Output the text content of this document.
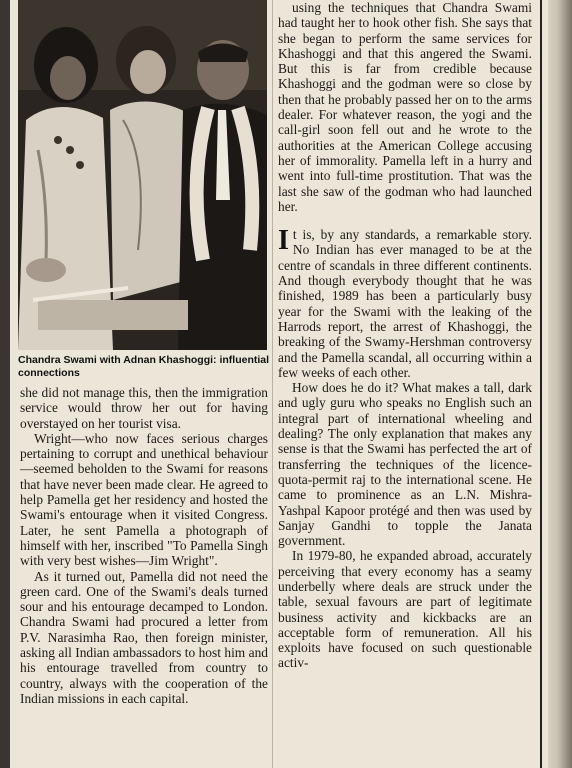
Chandra Swami with Adnan Khashoggi: influential connections

she did not manage this, then the immigration service would throw her out for having overstayed on her tourist visa.

Wright—who now faces serious charges pertaining to corrupt and unethical behaviour—seemed beholden to the Swami for reasons that have never been made clear. He agreed to help Pamella get her residency and hosted the Swami's entourage when it visited Congress. Later, he sent Pamella a photograph of himself with her, inscribed "To Pamella Singh with very best wishes—Jim Wright".

As it turned out, Pamella did not need the green card. One of the Swami's deals turned sour and his entourage decamped to London. Chandra Swami had procured a letter from P.V. Narasimha Rao, then foreign minister, asking all Indian ambassadors to host him and his entourage travelled from country to country, always with the cooperation of the Indian missions in each capital.

using the techniques that Chandra Swami had taught her to hook other fish. She says that she began to perform the same services for Khashoggi and that this angered the Swami. But this is far from credible because Khashoggi and the godman were so close by then that he probably passed her on to the arms dealer. For whatever reason, the yogi and the call-girl soon fell out and he wrote to the authorities at the American College accusing her of immorality. Pamella left in a hurry and went into full-time prostitution. That was the last she saw of the godman who had launched her.

It is, by any standards, a remarkable story. No Indian has ever managed to be at the centre of scandals in three different continents. And though everybody thought that he was finished, 1989 has been a particularly busy year for the Swami with the leaking of the Harrods report, the arrest of Khashoggi, the breaking of the Swamy-Hershman controversy and the Pamella scandal, all occurring within a few weeks of each other.

How does he do it? What makes a tall, dark and ugly guru who speaks no English such an integral part of international wheeling and dealing? The only explanation that makes any sense is that the Swami has perfected the art of transferring the techniques of the licence-quota-permit raj to the international scene. He came to prominence as an L.N. Mishra-Yashpal Kapoor protégé and then was used by Sanjay Gandhi to topple the Janata government.

In 1979-80, he expanded abroad, accurately perceiving that every economy has a seamy underbelly where deals are struck under the table, sexual favours are part of legitimate business activity and kickbacks are an acceptable form of remuneration. All his exploits have focused on such questionable activ-
